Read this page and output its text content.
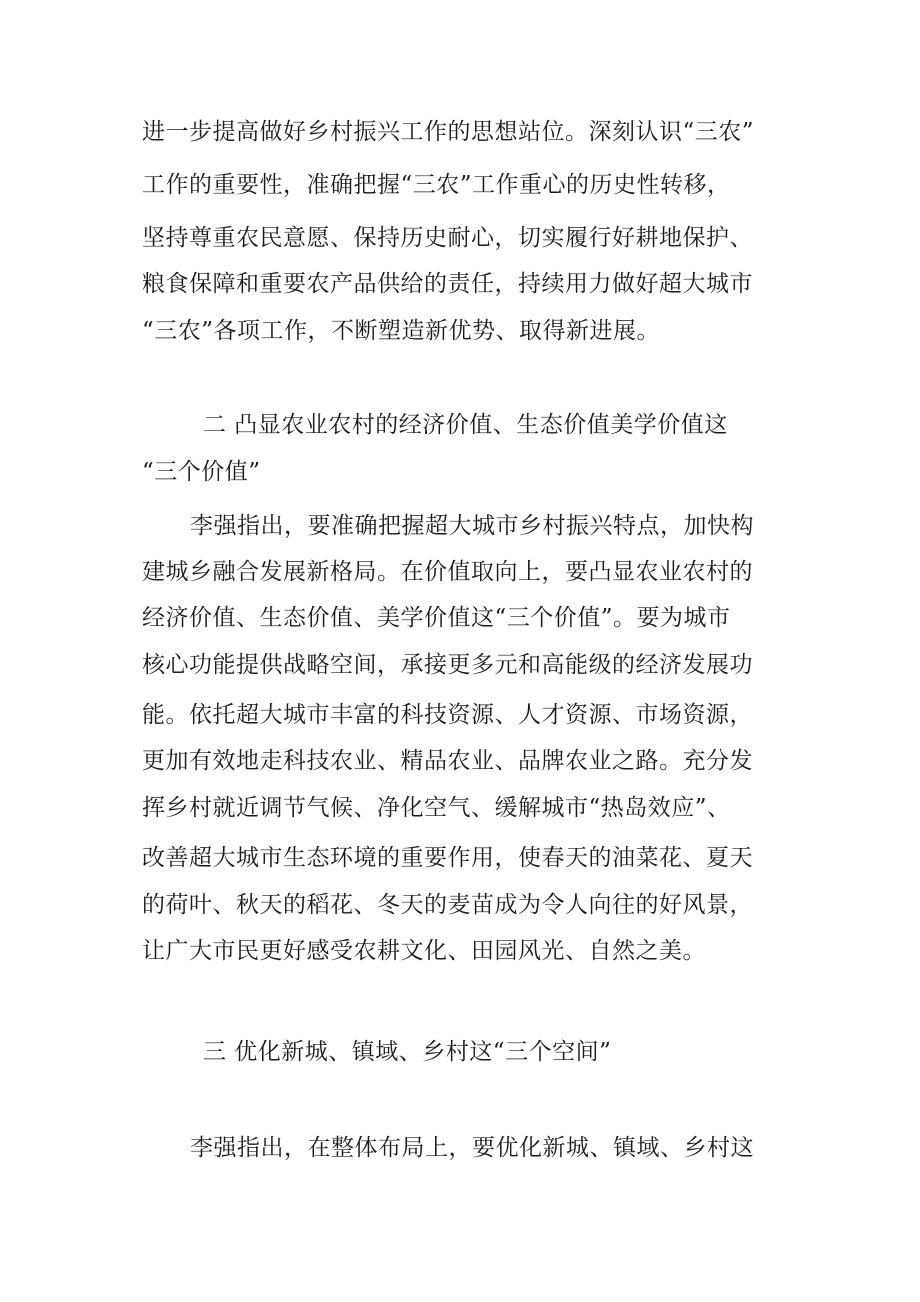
进一步提高做好乡村振兴工作的思想站位。深刻认识“三农”
工作的重要性，准确把握“三农”工作重心的历史性转移，
坚持尊重农民意愿、保持历史耐心，切实履行好耕地保护、
粮食保障和重要农产品供给的责任，持续用力做好超大城市
“三农”各项工作，不断塑造新优势、取得新进展。
二 凸显农业农村的经济价值、生态价值美学价值这
“三个价值”
李强指出，要准确把握超大城市乡村振兴特点，加快构
建城乡融合发展新格局。在价值取向上，要凸显农业农村的
经济价值、生态价值、美学价值这“三个价值”。要为城市
核心功能提供战略空间，承接更多元和高能级的经济发展功
能。依托超大城市丰富的科技资源、人才资源、市场资源，
更加有效地走科技农业、精品农业、品牌农业之路。充分发
挥乡村就近调节气候、净化空气、缓解城市“热岛效应”、
改善超大城市生态环境的重要作用，使春天的油菜花、夏天
的荷叶、秋天的稻花、冬天的麦苗成为令人向往的好风景，
让广大市民更好感受农耕文化、田园风光、自然之美。
三 优化新城、镇域、乡村这“三个空间”
李强指出，在整体布局上，要优化新城、镇域、乡村这
